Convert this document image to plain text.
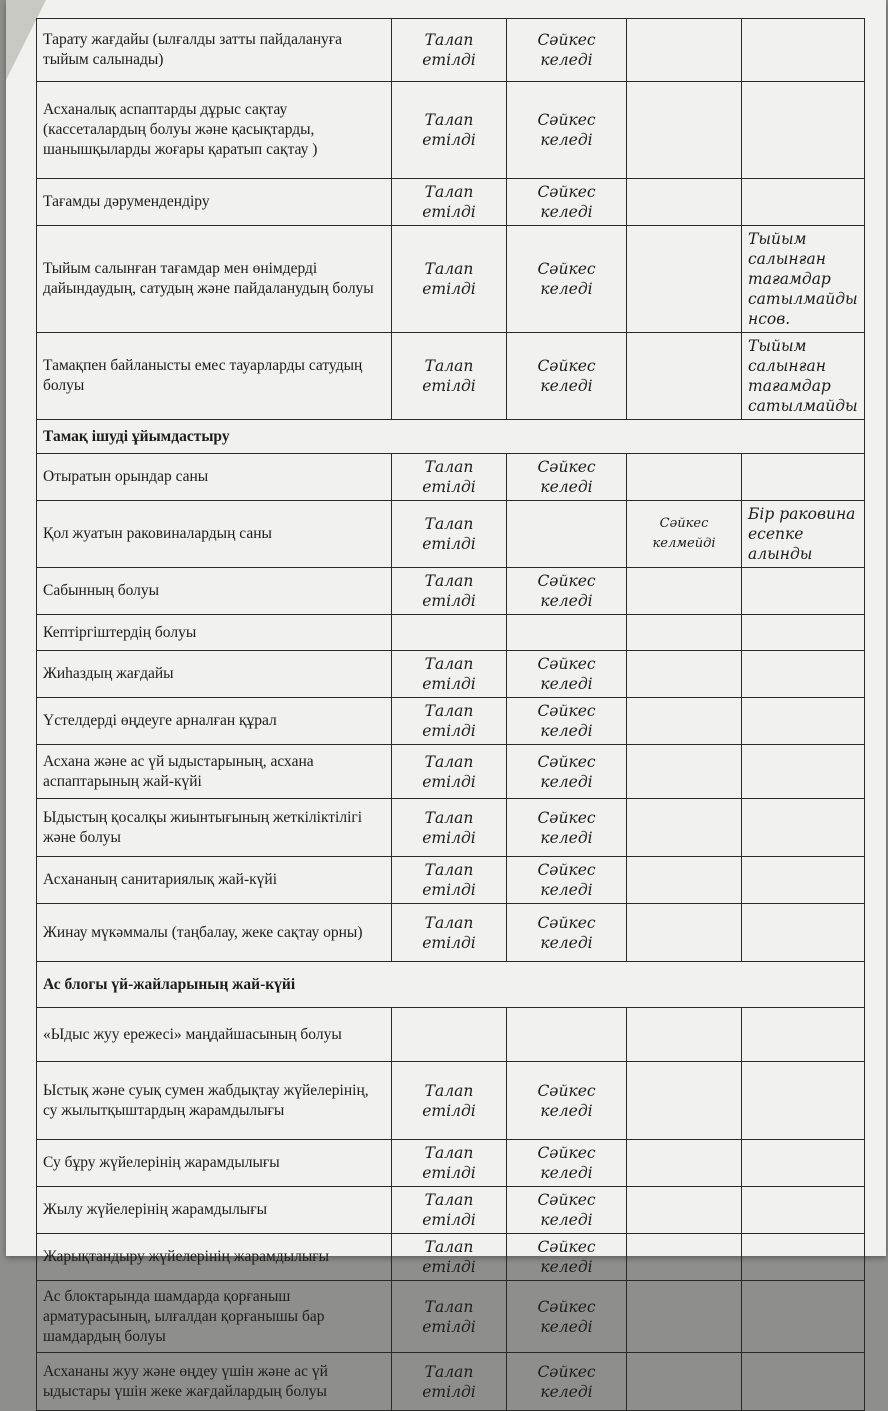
Тарату жағдайы (ылғалды затты пайдалануға тыйым салынады)	Талап етілді	Сәйкес келеді		
Асханалық аспаптарды дұрыс сақтау (кассеталардың болуы және қасықтарды, шанышқыларды жоғары қаратып сақтау )	Талап етілді	Сәйкес келеді		
Тағамды дәрумендендіру	Талап етілді	Сәйкес келеді		
Тыйым салынған тағамдар мен өнімдерді дайындаудың, сатудың және пайдаланудың болуы	Талап етілді	Сәйкес келеді		Тыйым салынған тағамдар сатылмайды нсов.
Тамақпен байланысты емес тауарларды сатудың болуы	Талап етілді	Сәйкес келеді		Тыйым салынған тағамдар сатылмайды
Тамақ ішуді ұйымдастыру				
Отыратын орындар саны	Талап етілді	Сәйкес келеді		
Қол жуатын раковиналардың саны	Талап етілді		Сәйкес келмейді	Бір раковина есепке алынды
Сабынның болуы	Талап етілді	Сәйкес келеді		
Кептіргіштердің болуы				
Жиһаздың жағдайы	Талап етілді	Сәйкес келеді		
Үстелдерді өңдеуге арналған құрал	Талап етілді	Сәйкес келеді		
Асхана және ас үй ыдыстарының, асхана аспаптарының жай-күйі	Талап етілді	Сәйкес келеді		
Ыдыстың қосалқы жиынтығының жеткіліктілігі және болуы	Талап етілді	Сәйкес келеді		
Асхананың санитариялық жай-күйі	Талап етілді	Сәйкес келеді		
Жинау мүкәммалы (таңбалау, жеке сақтау орны)	Талап етілді	Сәйкес келеді		
Ас блогы үй-жайларының жай-күйі				
«Ыдыс жуу ережесі» маңдайшасының болуы				
Ыстық және суық сумен жабдықтау жүйелерінің, су жылытқыштардың жарамдылығы	Талап етілді	Сәйкес келеді		
Су бұру жүйелерінің жарамдылығы	Талап етілді	Сәйкес келеді		
Жылу жүйелерінің жарамдылығы	Талап етілді	Сәйкес келеді		
Жарықтандыру жүйелерінің жарамдылығы	Талап етілді	Сәйкес келеді		
Ас блоктарында шамдарда қорғаныш арматурасының, ылғалдан қорғанышы бар шамдардың болуы	Талап етілді	Сәйкес келеді		
Асхананы жуу және өңдеу үшін және ас үй ыдыстары үшін жеке жағдайлардың болуы	Талап етілді	Сәйкес келеді		
